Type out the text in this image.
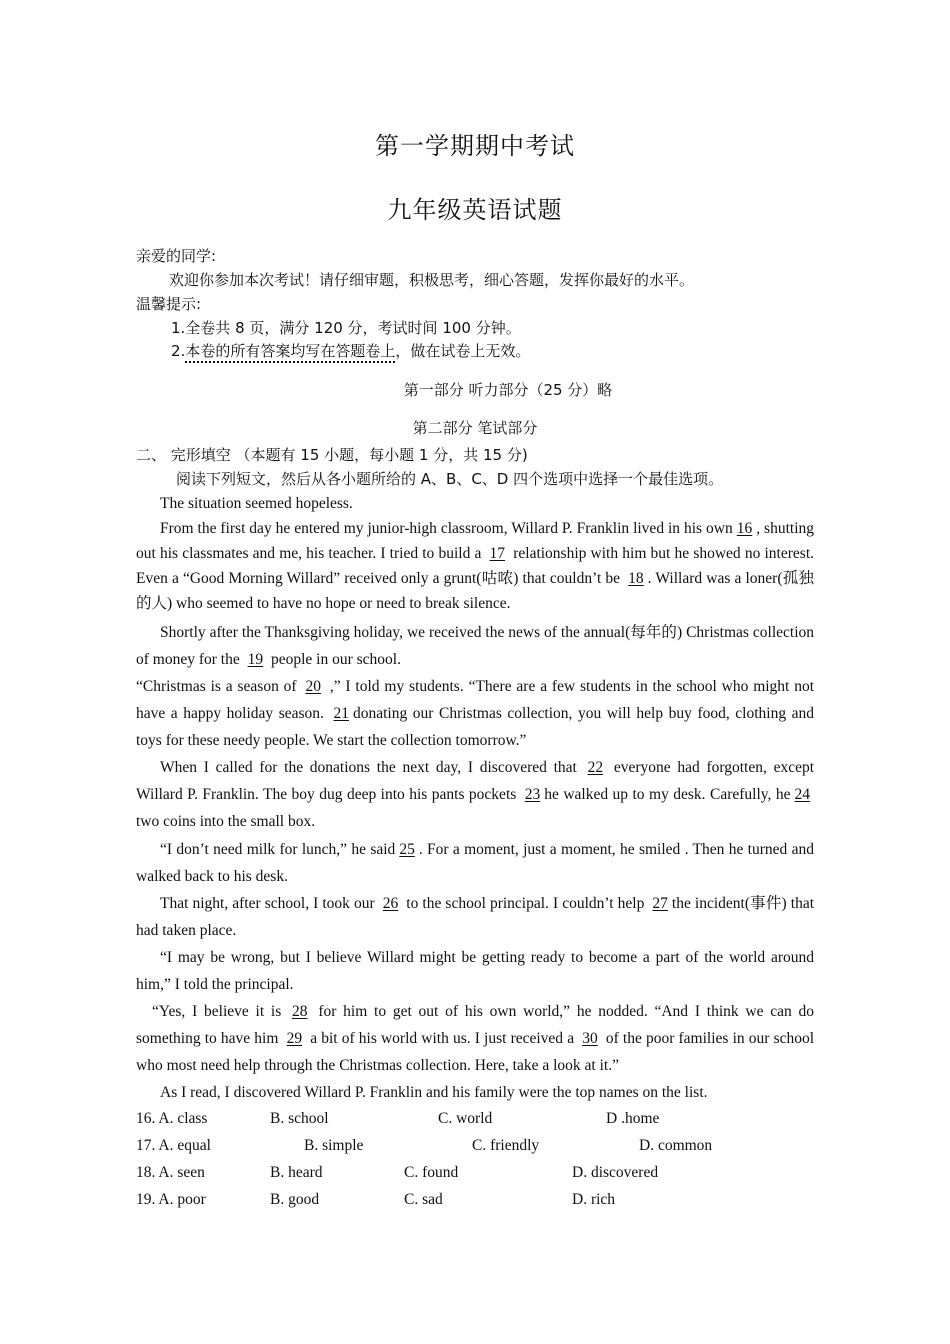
第一学期期中考试
九年级英语试题
亲爱的同学:
欢迎你参加本次考试！请仔细审题，积极思考，细心答题，发挥你最好的水平。
温馨提示:
1.全卷共 8 页，满分 120 分，考试时间 100 分钟。
2.本卷的所有答案均写在答题卷上，做在试卷上无效。
第一部分 听力部分（25 分）略
第二部分 笔试部分
二、 完形填空 （本题有 15 小题，每小题 1 分，共 15 分)
阅读下列短文，然后从各小题所给的 A、B、C、D 四个选项中选择一个最佳选项。
The situation seemed hopeless.
From the first day he entered my junior-high classroom, Willard P. Franklin lived in his own 16 , shutting out his classmates and me, his teacher. I tried to build a 17 relationship with him but he showed no interest. Even a “Good Morning Willard” received only a grunt(咕哝) that couldn’t be 18 . Willard was a loner(孤独的人) who seemed to have no hope or need to break silence.
Shortly after the Thanksgiving holiday, we received the news of the annual(每年的) Christmas collection of money for the 19 people in our school.
“Christmas is a season of 20 ,” I told my students. “There are a few students in the school who might not have a happy holiday season. 21 donating our Christmas collection, you will help buy food, clothing and toys for these needy people. We start the collection tomorrow.”
When I called for the donations the next day, I discovered that 22 everyone had forgotten, except Willard P. Franklin. The boy dug deep into his pants pockets 23 he walked up to my desk. Carefully, he 24 two coins into the small box.
“I don’t need milk for lunch,” he said 25 . For a moment, just a moment, he smiled . Then he turned and walked back to his desk.
That night, after school, I took our 26 to the school principal. I couldn’t help 27 the incident(事件) that had taken place.
“I may be wrong, but I believe Willard might be getting ready to become a part of the world around him,” I told the principal.
“Yes, I believe it is 28 for him to get out of his own world,” he nodded. “And I think we can do something to have him 29 a bit of his world with us. I just received a 30 of the poor families in our school who most need help through the Christmas collection. Here, take a look at it.”
As I read, I discovered Willard P. Franklin and his family were the top names on the list.
16. A. class	B. school	C. world	D .home
17. A. equal	B. simple	C. friendly	D. common
18. A. seen	B. heard	C. found	D. discovered
19. A. poor	B. good	C. sad	D. rich
